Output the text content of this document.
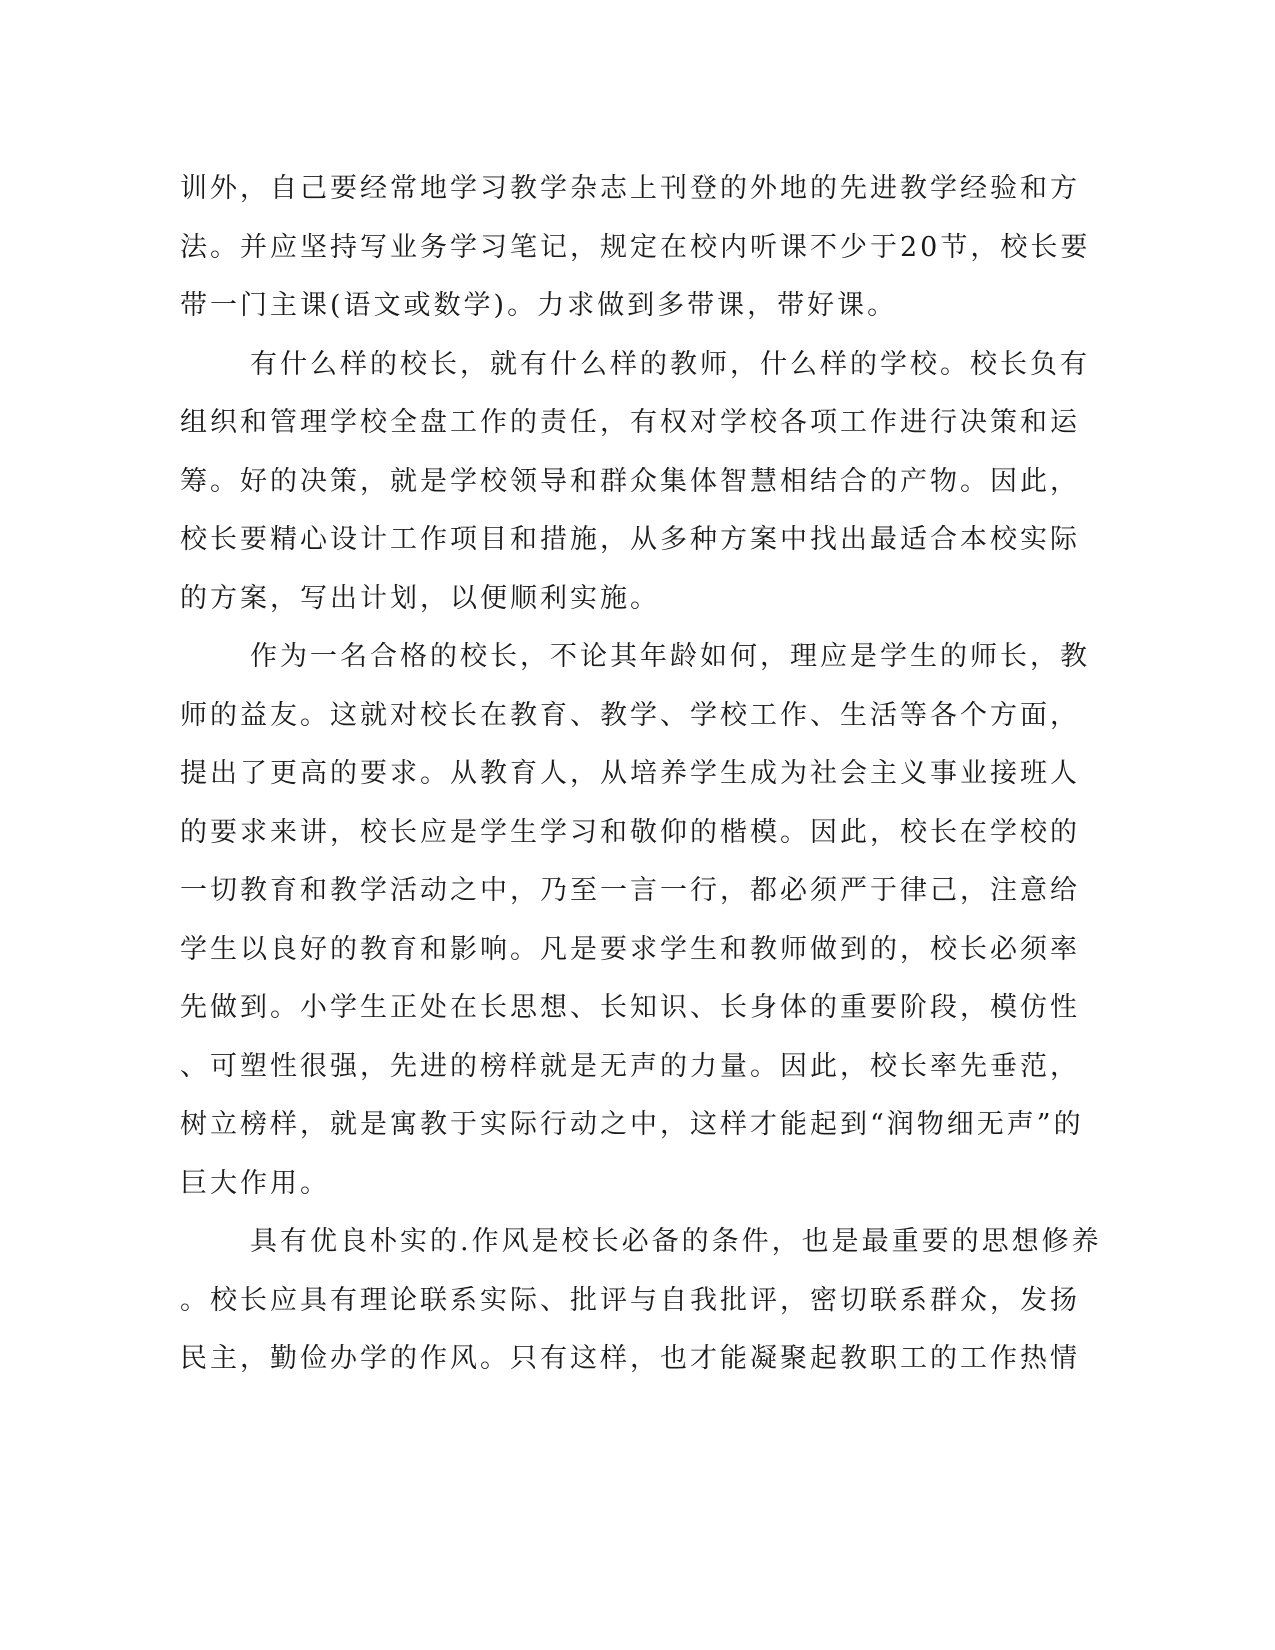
训外，自己要经常地学习教学杂志上刊登的外地的先进教学经验和方
法。并应坚持写业务学习笔记，规定在校内听课不少于20节，校长要
带一门主课(语文或数学)。力求做到多带课，带好课。
有什么样的校长，就有什么样的教师，什么样的学校。校长负有
组织和管理学校全盘工作的责任，有权对学校各项工作进行决策和运
筹。好的决策，就是学校领导和群众集体智慧相结合的产物。因此，
校长要精心设计工作项目和措施，从多种方案中找出最适合本校实际
的方案，写出计划，以便顺利实施。
作为一名合格的校长，不论其年龄如何，理应是学生的师长，教
师的益友。这就对校长在教育、教学、学校工作、生活等各个方面，
提出了更高的要求。从教育人，从培养学生成为社会主义事业接班人
的要求来讲，校长应是学生学习和敬仰的楷模。因此，校长在学校的
一切教育和教学活动之中，乃至一言一行，都必须严于律己，注意给
学生以良好的教育和影响。凡是要求学生和教师做到的，校长必须率
先做到。小学生正处在长思想、长知识、长身体的重要阶段，模仿性
、可塑性很强，先进的榜样就是无声的力量。因此，校长率先垂范，
树立榜样，就是寓教于实际行动之中，这样才能起到“润物细无声”的
巨大作用。
具有优良朴实的.作风是校长必备的条件，也是最重要的思想修养
。校长应具有理论联系实际、批评与自我批评，密切联系群众，发扬
民主，勤俭办学的作风。只有这样，也才能凝聚起教职工的工作热情
